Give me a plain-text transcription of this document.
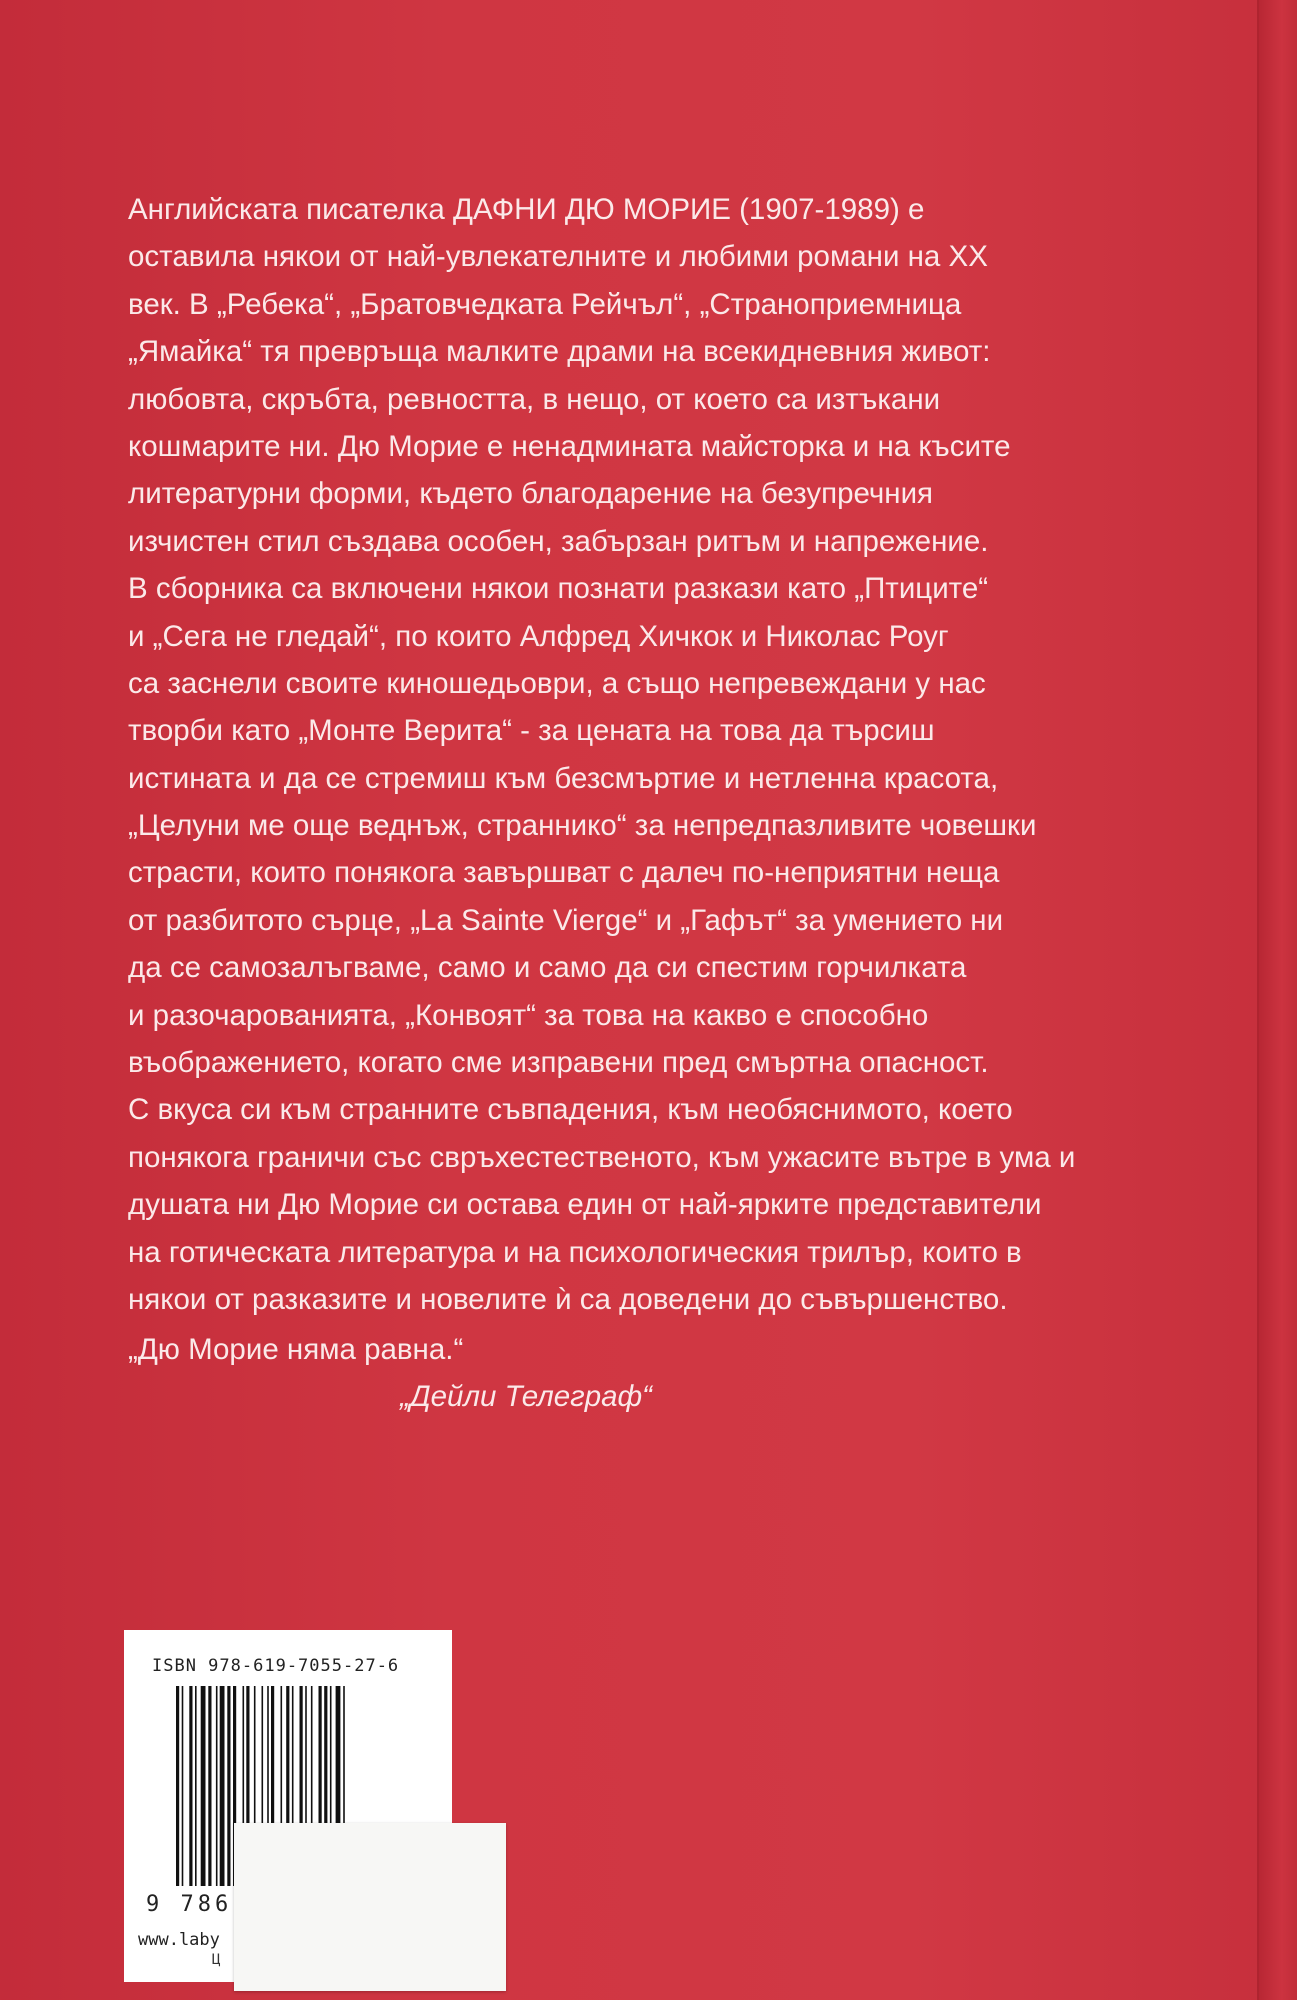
Английската писателка ДАФНИ ДЮ МОРИЕ (1907-1989) е
оставила някои от най-увлекателните и любими романи на XX
век. В „Ребека“, „Братовчедката Рейчъл“, „Страноприемница
„Ямайка“ тя превръща малките драми на всекидневния живот:
любовта, скръбта, ревността, в нещо, от което са изтъкани
кошмарите ни. Дю Морие е ненадмината майсторка и на късите
литературни форми, където благодарение на безупречния
изчистен стил създава особен, забързан ритъм и напрежение.
В сборника са включени някои познати разкази като „Птиците“
и „Сега не гледай“, по които Алфред Хичкок и Николас Роуг
са заснели своите киношедьоври, а също непревеждани у нас
творби като „Монте Верита“ - за цената на това да търсиш
истината и да се стремиш към безсмъртие и нетленна красота,
„Целуни ме още веднъж, страннико“ за непредпазливите човешки
страсти, които понякога завършват с далеч по-неприятни неща
от разбитото сърце, „La Sainte Vierge“ и „Гафът“ за умението ни
да се самозалъгваме, само и само да си спестим горчилката
и разочарованията, „Конвоят“ за това на какво е способно
въображението, когато сме изправени пред смъртна опасност.
С вкуса си към странните съвпадения, към необяснимото, което
понякога граничи със свръхестественото, към ужасите вътре в ума и
душата ни Дю Морие си остава един от най-ярките представители
на готическата литература и на психологическия трилър, които в
някои от разказите и новелите ѝ са доведени до съвършенство.
„Дю Морие няма равна.“
„Дейли Телеграф“
ISBN 978-619-7055-27-6
9 786
www.laby
Ц
